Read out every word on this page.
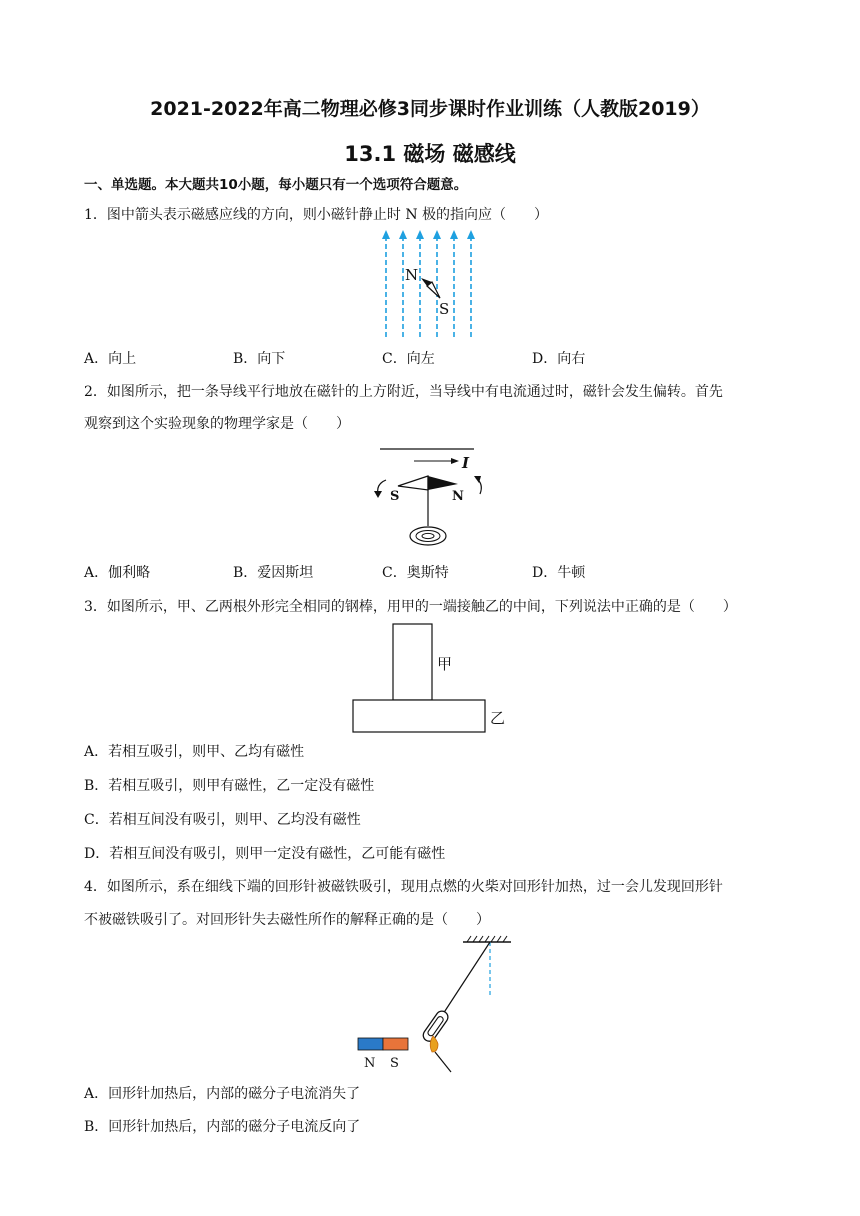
2021-2022年高二物理必修3同步课时作业训练（人教版2019）
13.1 磁场 磁感线
一、单选题。本大题共10小题，每小题只有一个选项符合题意。
1．图中箭头表示磁感应线的方向，则小磁针静止时 N 极的指向应（　　）
N
S
A．向上	B．向下	C．向左	D．向右
2．如图所示，把一条导线平行地放在磁针的上方附近，当导线中有电流通过时，磁针会发生偏转。首先
观察到这个实验现象的物理学家是（　　）
I
S	N
A．伽利略	B．爱因斯坦	C．奥斯特	D．牛顿
3．如图所示，甲、乙两根外形完全相同的钢棒，用甲的一端接触乙的中间，下列说法中正确的是（　　）
甲
乙
A．若相互吸引，则甲、乙均有磁性
B．若相互吸引，则甲有磁性，乙一定没有磁性
C．若相互间没有吸引，则甲、乙均没有磁性
D．若相互间没有吸引，则甲一定没有磁性，乙可能有磁性
4．如图所示，系在细线下端的回形针被磁铁吸引，现用点燃的火柴对回形针加热，过一会儿发现回形针
不被磁铁吸引了。对回形针失去磁性所作的解释正确的是（　　）
N S
A．回形针加热后，内部的磁分子电流消失了
B．回形针加热后，内部的磁分子电流反向了
